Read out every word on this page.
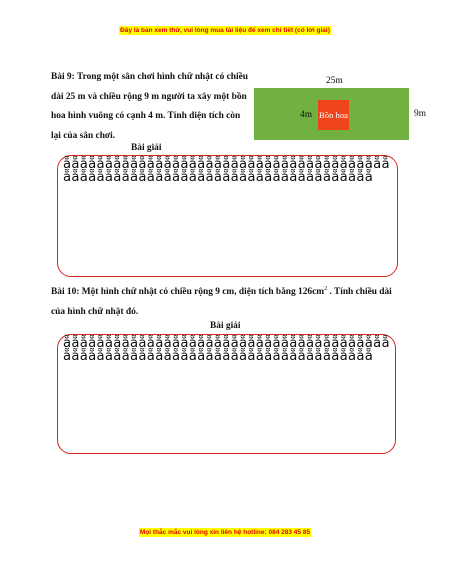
Đây là bản xem thử, vui lòng mua tài liệu để xem chi tiết (có lời giải)
Bài 9: Trong một sân chơi hình chữ nhật có chiều dài 25 m và chiều rộng 9 m người ta xây một bồn hoa hình vuông có cạnh 4 m. Tính diện tích còn lại của sân chơi.
25m
4m Bồn hoa	9m
Bài giải
ẵẵẵẵẵẵẵẵẵẵẵẵẵẵẵẵẵẵẵẵẵẵẵẵẵẵẵẵẵẵẵẵẵẵẵẵẵẵẵẵẵẵẵẵẵẵẵẵẵẵẵẵẵẵẵẵẵẵẵẵẵẵẵẵẵẵẵẵẵẵẵẵẵẵẵẵ
Bài 10: Một hình chữ nhật có chiều rộng 9 cm, diện tích bằng $126cm^2$ . Tính chiều dài của hình chữ nhật đó.
Bài giải
ẵẵẵẵẵẵẵẵẵẵẵẵẵẵẵẵẵẵẵẵẵẵẵẵẵẵẵẵẵẵẵẵẵẵẵẵẵẵẵẵẵẵẵẵẵẵẵẵẵẵẵẵẵẵẵẵẵẵẵẵẵẵẵẵẵẵẵẵẵẵẵẵẵẵẵẵ
Mọi thắc mắc vui lòng xin liên hệ hotline: 084 283 45 85
